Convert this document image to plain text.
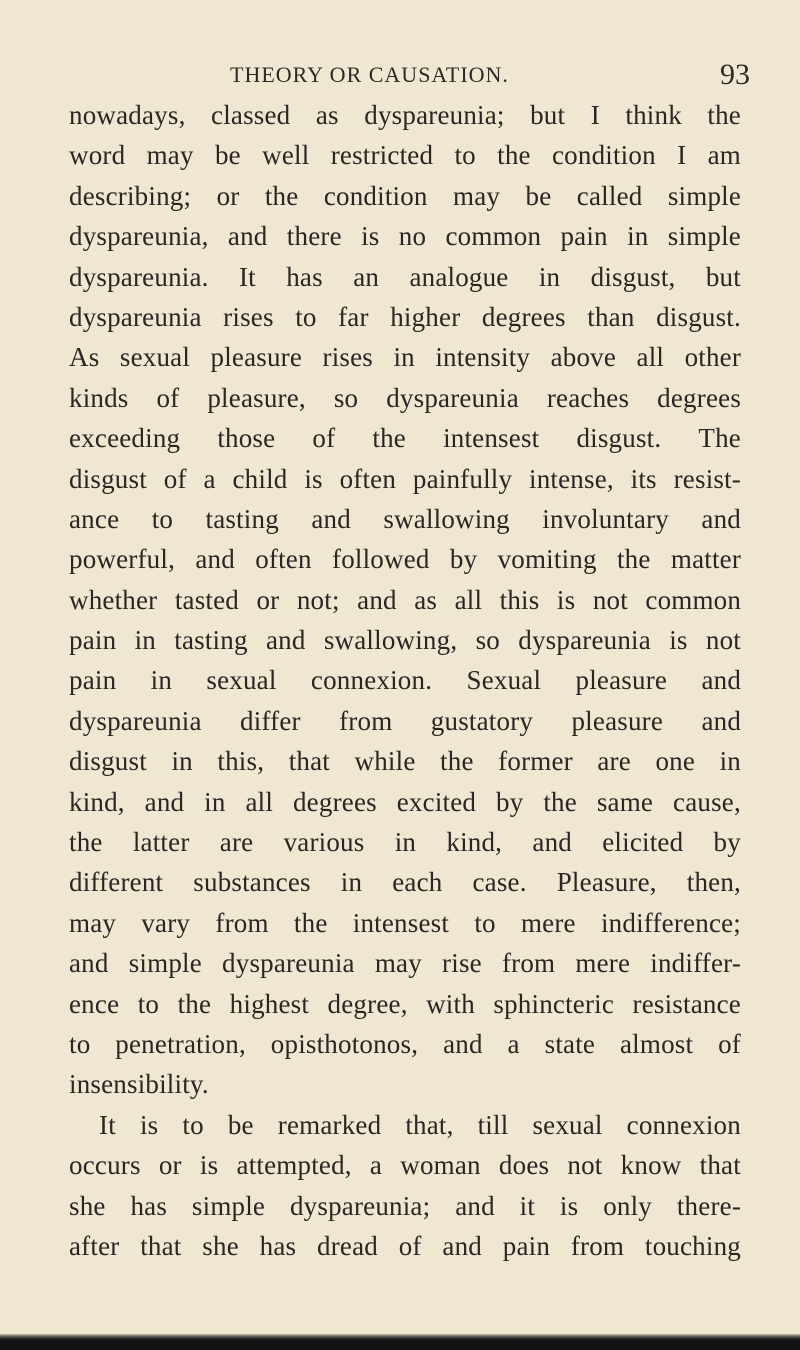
THEORY OR CAUSATION.	93
nowadays, classed as dyspareunia; but I think the
word may be well restricted to the condition I am
describing; or the condition may be called simple
dyspareunia, and there is no common pain in simple
dyspareunia. It has an analogue in disgust, but
dyspareunia rises to far higher degrees than disgust.
As sexual pleasure rises in intensity above all other
kinds of pleasure, so dyspareunia reaches degrees
exceeding those of the intensest disgust. The
disgust of a child is often painfully intense, its resist-
ance to tasting and swallowing involuntary and
powerful, and often followed by vomiting the matter
whether tasted or not; and as all this is not common
pain in tasting and swallowing, so dyspareunia is not
pain in sexual connexion. Sexual pleasure and
dyspareunia differ from gustatory pleasure and
disgust in this, that while the former are one in
kind, and in all degrees excited by the same cause,
the latter are various in kind, and elicited by
different substances in each case. Pleasure, then,
may vary from the intensest to mere indifference;
and simple dyspareunia may rise from mere indiffer-
ence to the highest degree, with sphincteric resistance
to penetration, opisthotonos, and a state almost of
insensibility.
It is to be remarked that, till sexual connexion
occurs or is attempted, a woman does not know that
she has simple dyspareunia; and it is only there-
after that she has dread of and pain from touching
